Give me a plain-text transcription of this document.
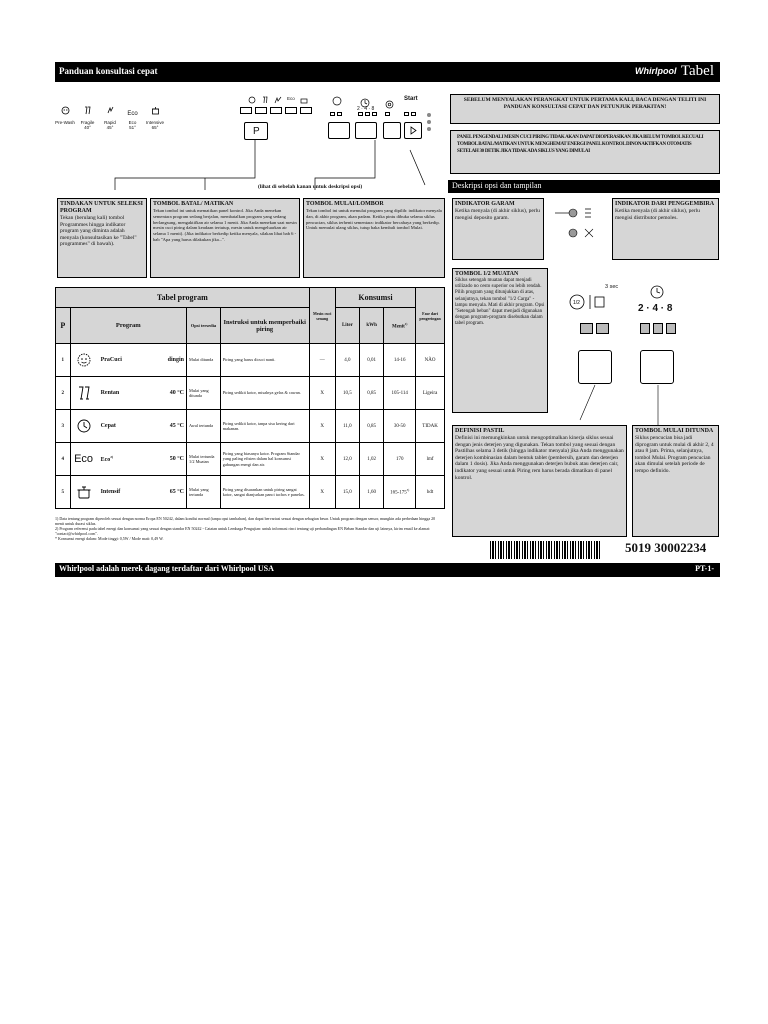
Panduan konsultasi cepat	Whirlpool Tabel
Pre-Wash	Fragile
40°
Rapid
45°
Eco
Eco
51°
Intensive
65°
Eco
P
2 · 4 · 8
Start
(lihat di sebelah kanan untuk deskripsi opsi)
SEBELUM MENYALAKAN PERANGKAT UNTUK PERTAMA KALI, BACA DENGAN TELITI INI PANDUAN KONSULTASI CEPAT DAN PETUNJUK PERAKITAN!
PANEL PENGENDALI MESIN CUCI PIRING TIDAK AKAN DAPAT DIOPERASIKAN JIKA BELUM TOMBOL KECUALI TOMBOL BATAL/MATIKAN UNTUK MENGHEMAT ENERGI PANEL KONTROL DINONAKTIFKAN OTOMATIS SETELAH 30 DETIK JIKA TIDAK ADA SIKLUS YANG DIMULAI
Deskripsi opsi dan tampilan
TINDAKAN UNTUK SELEKSI PROGRAM
Tekan (berulang kali) tombol Programmes hingga indikator program yang diminta adalah menyala (konsultasikan ke "Tabel" programmes" di bawah).
TOMBOL BATAL/ MATIKAN
Tekan tombol ini untuk mematikan panel kontrol. Jika Anda menekan sementara program sedang berjalan, membatalkan program yang sedang berlangsung, mengaktifkan air selama 1 menit. Jika Anda menekan saat mesin mesin cuci piring dalam keadaan tertutup, mesin untuk mengeluarkan air selama 1 menit). (Jika indikator berkedip ketika menyala, silakan lihat bab 6 - bab "Apa yang harus dilakukan jika...".
TOMBOL MULAI/LOMBOR
Tekan tombol ini untuk memulai program yang dipilih: indikator menyala dan, di akhir program, akan padam. Ketika pintu dibuka selama siklus pencucian, siklus terhenti sementara: indikator bercahaya yang berkedip. Untuk memulai ulang siklus, tutup baka kembali tombol Mulai.
INDIKATOR GARAM
Ketika menyala (di akhir siklus), perlu mengisi deposito garam.
INDIKATOR DARI PENGGEMBIRA
Ketika menyala (di akhir siklus), perlu mengisi distributor pemoles.
TOMBOL 1/2 MUATAN
Siklus setengah muatan dapat menjadi utilizado no cesto superior ou lebih rendah. Pilih program yang ditunjukkan di atas, selanjutnya, tekan tombol "1/2 Carga" - lampu menyala. Mati di akhir program. Opsi "Setengah beban" dapat menjadi digunakan dengan program-program disebutkan dalam tabel program.
3 sec
1/2	2 · 4 · 8
DEFINISI PASTIL
Definisi ini memungkinkan untuk mengoptimalkan kinerja siklus sesuai dengan jenis deterjen yang digunakan. Tekan tombol yang sesuai dengan Pastilhas selama 3 detik (hingga indikator menyala) jika Anda menggunakan deterjen kombinasian dalam bentuk tablet (pembersih, garam dan deterjen dalam 1 dosis). Jika Anda menggunakan deterjen bubuk atau deterjen cair, indikator yang sesuai untuk Piring rem harus berada dimatikan di panel kontrol.
TOMBOL MULAI DITUNDA
Siklus pencucian bisa jadi diprogram untuk mulai di akhir 2, 4 atau 8 jam. Prima, selanjutnya, tombol Mulai. Program pencucian akan dimulai setelah periode de tempo definido.
Tabel program				Mesin cuci senang	Konsumsi			Fase dari pengeringan
P	Program	Opsi tersedia	Instruksi untuk memperbaiki piring		Liter	kWh	Menit$^{1)}$
1	PraCuci dingin	Mulai ditunda	Piring yang harus dicuci nanti.	—	4,0	0,01	14-16	NÃO
2	Rentan 40 °C	Mulai yang ditunda	Piring sedikit kotor, misalnya gelas & cawan.	X	10,5	0,85	105-114	Ligeira
3	Cepat 45 °C	Awal tertunda	Piring sedikit kotor, tanpa sisa kering dari makanan.	X	11,0	0,85	30-50	TIDAK
4	Eco Eco$^{2)}$ 50 °C	Mulai tertunda 1/2 Muatan	Piring yang biasanya kotor. Program Standar yang paling efisien dalam hal konsumsi gabungan energi dan air.	X	12,0	1,02	170	lmf
5	Intensif 65 °C	Mulai yang tertunda	Piring yang disarankan untuk piring sangat kotor, sangat dianjurkan panci tachos e panelas.	X	15,0	1,60	165-175$^{3)}$	hdt
1) Data tentang program diperoleh sesuai dengan norma Eropa EN 50242, dalam kondisi normal (tanpa opsi tambahan), dan dapat bervariasi sesuai dengan sebagian besar. Untuk program dengan sensor, mungkin ada perbedaan hingga 20 menit untuk durasi siklus.
2) Program referensi pada tabel energi dan konsumsi yang sesuai dengan standar EN 50242 - Catatan untuk Lembaga Pengujian: untuk informasi rinci tentang uji perbandingan EN Beban Standar dan uji lainnya, kirim email ke alamat: "contact@whirlpool.com".
* Konsumsi energi dalam: Mode tinggi: 0,5W / Mode mati: 0,49 W.
5019 30002234
Whirlpool adalah merek dagang terdaftar dari Whirlpool USA	PT-1-
